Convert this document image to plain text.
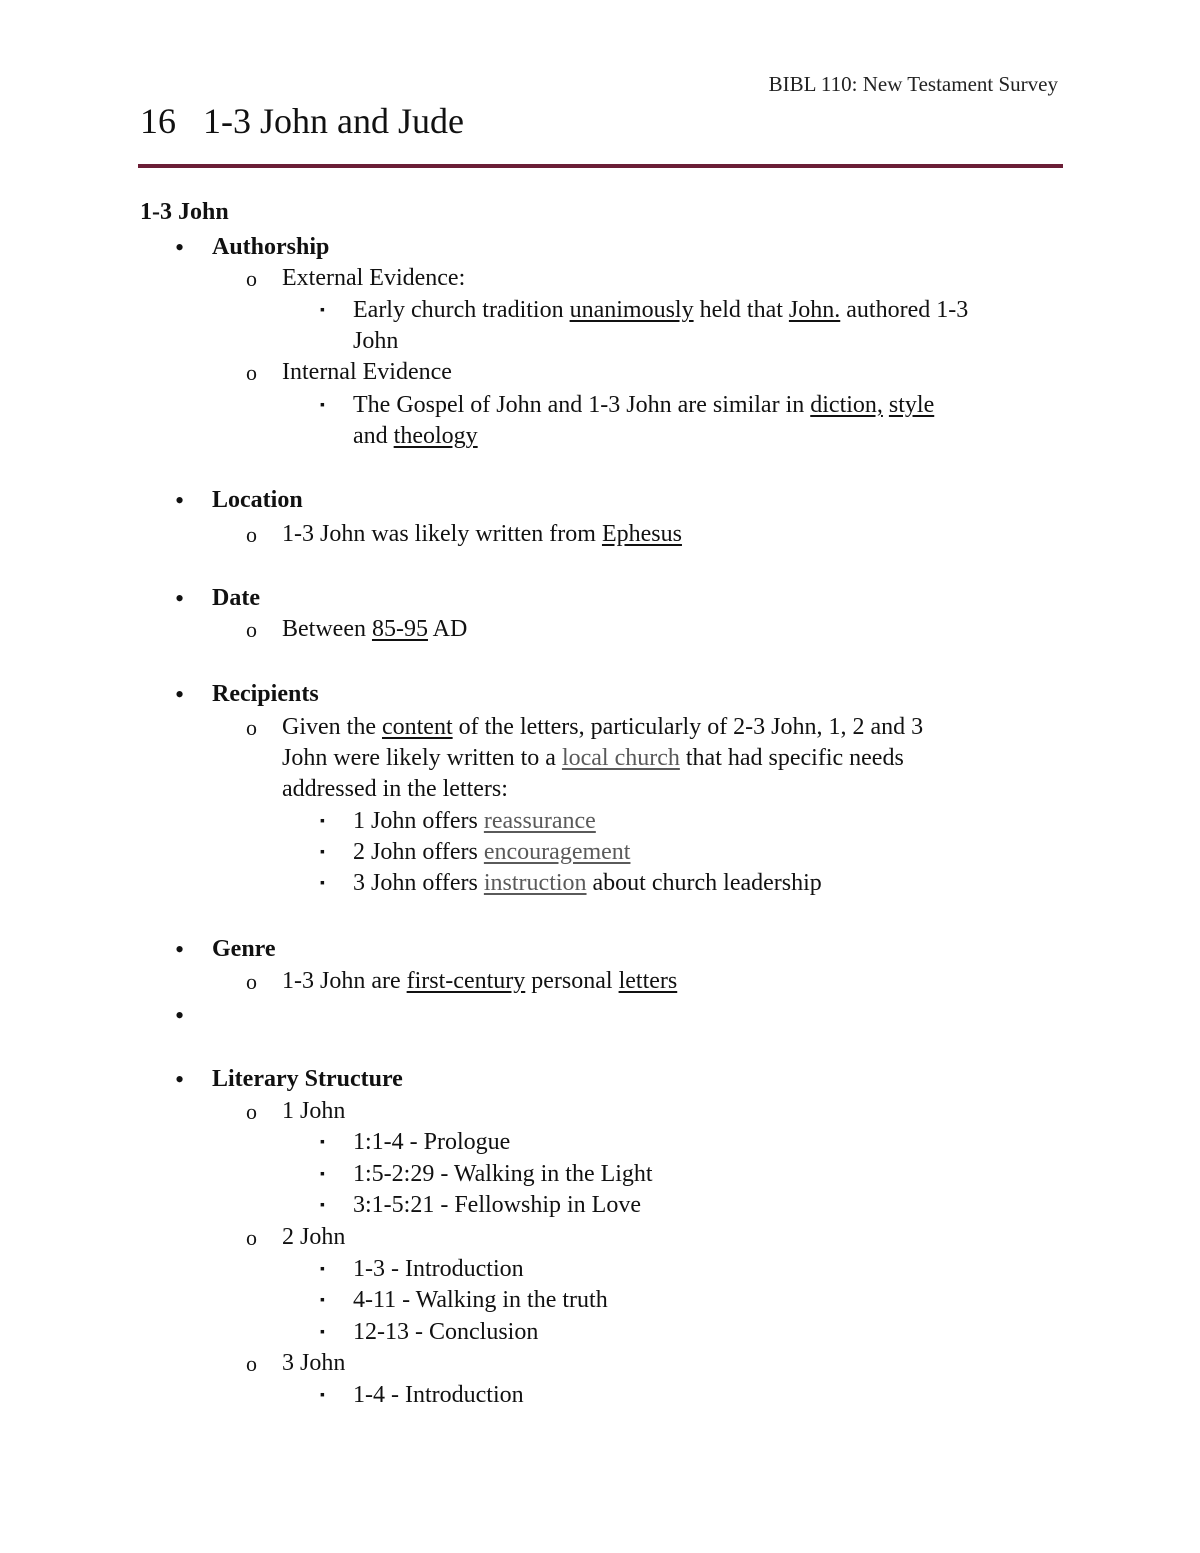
BIBL 110: New Testament Survey
16   1-3 John and Jude
1-3 John
• Authorship
o External Evidence:
▪ Early church tradition unanimously held that John. authored 1-3
John
o Internal Evidence
▪ The Gospel of John and 1-3 John are similar in diction, style
and theology
• Location
o 1-3 John was likely written from Ephesus
• Date
o Between 85-95 AD
• Recipients
o Given the content of the letters, particularly of 2-3 John, 1, 2 and 3
John were likely written to a local church that had specific needs
addressed in the letters:
▪ 1 John offers reassurance
▪ 2 John offers encouragement
▪ 3 John offers instruction about church leadership
• Genre
o 1-3 John are first-century personal letters
•
• Literary Structure
o 1 John
▪ 1:1-4 - Prologue
▪ 1:5-2:29 - Walking in the Light
▪ 3:1-5:21 - Fellowship in Love
o 2 John
▪ 1-3 - Introduction
▪ 4-11 - Walking in the truth
▪ 12-13 - Conclusion
o 3 John
▪ 1-4 - Introduction
